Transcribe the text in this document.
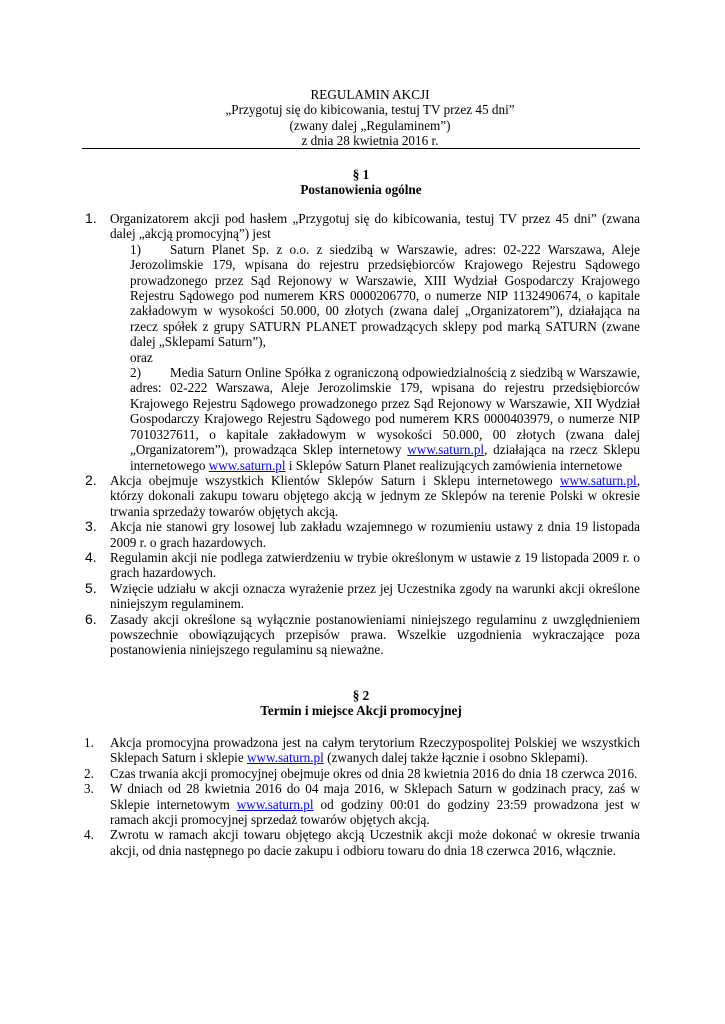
REGULAMIN AKCJI
„Przygotuj się do kibicowania, testuj TV przez 45 dni”
(zwany dalej „Regulaminem”)
z dnia 28 kwietnia 2016 r.
§ 1
Postanowienia ogólne
1. Organizatorem akcji pod hasłem „Przygotuj się do kibicowania, testuj TV przez 45 dni” (zwana dalej „akcją promocyjną”) jest
1) Saturn Planet Sp. z o.o. z siedzibą w Warszawie, adres: 02-222 Warszawa, Aleje Jerozolimskie 179, wpisana do rejestru przedsiębiorców Krajowego Rejestru Sądowego prowadzonego przez Sąd Rejonowy w Warszawie, XIII Wydział Gospodarczy Krajowego Rejestru Sądowego pod numerem KRS 0000206770, o numerze NIP 1132490674, o kapitale zakładowym w wysokości 50.000, 00 złotych (zwana dalej „Organizatorem”), działająca na rzecz spółek z grupy SATURN PLANET prowadzących sklepy pod marką SATURN (zwane dalej „Sklepami Saturn”),
oraz
2) Media Saturn Online Spółka z ograniczoną odpowiedzialnością z siedzibą w Warszawie, adres: 02-222 Warszawa, Aleje Jerozolimskie 179, wpisana do rejestru przedsiębiorców Krajowego Rejestru Sądowego prowadzonego przez Sąd Rejonowy w Warszawie, XII Wydział Gospodarczy Krajowego Rejestru Sądowego pod numerem KRS 0000403979, o numerze NIP 7010327611, o kapitale zakładowym w wysokości 50.000, 00 złotych (zwana dalej „Organizatorem”), prowadząca Sklep internetowy www.saturn.pl, działająca na rzecz Sklepu internetowego www.saturn.pl i Sklepów Saturn Planet realizujących zamówienia internetowe
2. Akcja obejmuje wszystkich Klientów Sklepów Saturn i Sklepu internetowego www.saturn.pl, którzy dokonali zakupu towaru objętego akcją w jednym ze Sklepów na terenie Polski w okresie trwania sprzedaży towarów objętych akcją.
3. Akcja nie stanowi gry losowej lub zakładu wzajemnego w rozumieniu ustawy z dnia 19 listopada 2009 r. o grach hazardowych.
4. Regulamin akcji nie podlega zatwierdzeniu w trybie określonym w ustawie z 19 listopada 2009 r. o grach hazardowych.
5. Wzięcie udziału w akcji oznacza wyrażenie przez jej Uczestnika zgody na warunki akcji określone niniejszym regulaminem.
6. Zasady akcji określone są wyłącznie postanowieniami niniejszego regulaminu z uwzględnieniem powszechnie obowiązujących przepisów prawa. Wszelkie uzgodnienia wykraczające poza postanowienia niniejszego regulaminu są nieważne.
§ 2
Termin i miejsce Akcji promocyjnej
1. Akcja promocyjna prowadzona jest na całym terytorium Rzeczypospolitej Polskiej we wszystkich Sklepach Saturn i sklepie www.saturn.pl (zwanych dalej także łącznie i osobno Sklepami).
2. Czas trwania akcji promocyjnej obejmuje okres od dnia 28 kwietnia 2016 do dnia 18 czerwca 2016.
3. W dniach od 28 kwietnia 2016 do 04 maja 2016, w Sklepach Saturn w godzinach pracy, zaś w Sklepie internetowym www.saturn.pl od godziny 00:01 do godziny 23:59 prowadzona jest w ramach akcji promocyjnej sprzedaż towarów objętych akcją.
4. Zwrotu w ramach akcji towaru objętego akcją Uczestnik akcji może dokonać w okresie trwania akcji, od dnia następnego po dacie zakupu i odbioru towaru do dnia 18 czerwca 2016, włącznie.
